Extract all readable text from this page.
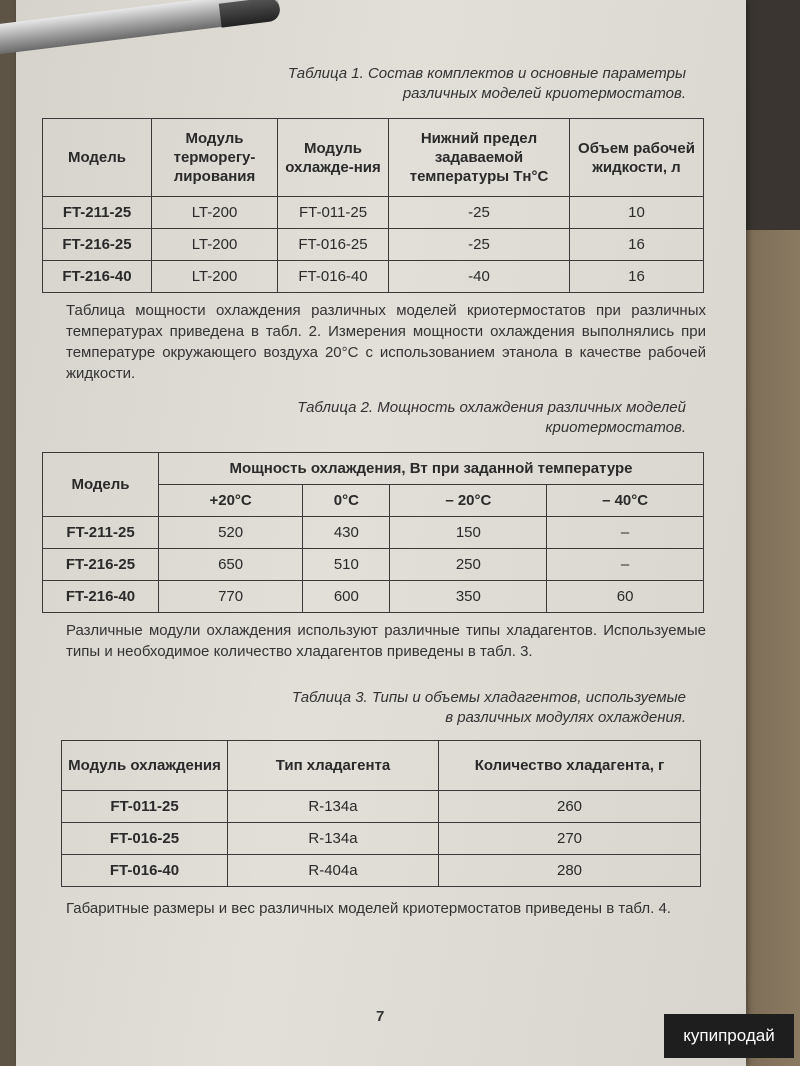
Таблица 1. Состав комплектов и основные параметры
различных моделей криотермостатов.
Модель	Модуль терморегу-лирования	Модуль охлажде-ния	Нижний предел задаваемой температуры Тн°С	Объем рабочей жидкости, л
FT-211-25	LT-200	FT-011-25	-25	10
FT-216-25	LT-200	FT-016-25	-25	16
FT-216-40	LT-200	FT-016-40	-40	16
Таблица мощности охлаждения различных моделей криотермостатов при различных температурах приведена в табл. 2. Измерения мощности охлаждения выполнялись при температуре окружающего воздуха 20°С с использованием этанола в качестве рабочей жидкости.
Таблица 2. Мощность охлаждения различных моделей
криотермостатов.
Модель	Мощность охлаждения, Вт при заданной температуре			
	+20°С	0°С	– 20°С	– 40°С
FT-211-25	520	430	150	–
FT-216-25	650	510	250	–
FT-216-40	770	600	350	60
Различные модули охлаждения используют различные типы хладагентов. Используемые типы и необходимое количество хладагентов приведены в табл. 3.
Таблица 3. Типы и объемы хладагентов, используемые
в различных модулях охлаждения.
Модуль охлаждения	Тип хладагента	Количество хладагента, г
FT-011-25	R-134a	260
FT-016-25	R-134a	270
FT-016-40	R-404a	280
Габаритные размеры и вес различных моделей криотермостатов приведены в табл. 4.
7
купипродай
